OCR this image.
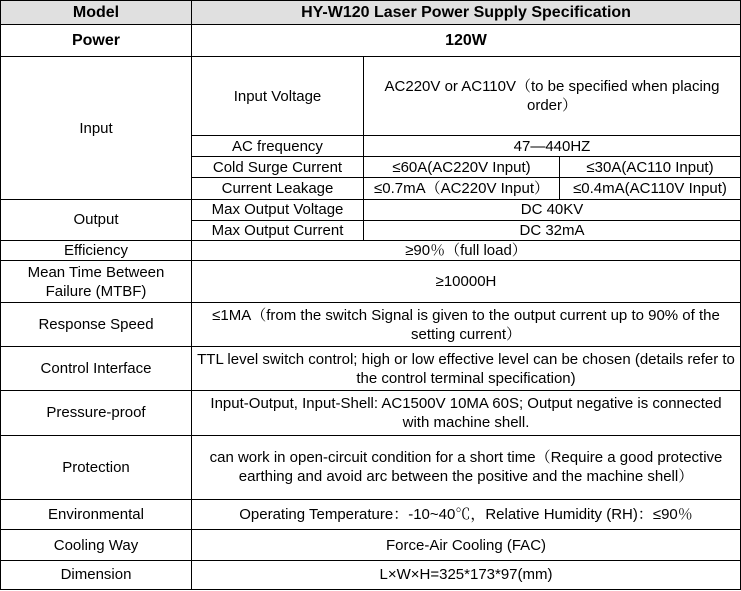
Model	HY-W120 Laser Power Supply Specification		
Power	120W		
Input	Input Voltage	AC220V or AC110V（to be specified when placing order）	
	AC frequency	47—440HZ	
	Cold Surge Current	≤60A(AC220V Input)	≤30A(AC110 Input)
	Current Leakage	≤0.7mA（AC220V Input）	≤0.4mA(AC110V Input)
Output	Max Output Voltage	DC 40KV	
	Max Output Current	DC 32mA	
Efficiency	≥90％（full load）		
Mean Time Between Failure (MTBF)	≥10000H		
Response Speed	≤1MA（from the switch Signal is given to the output current up to 90% of the setting current）		
Control Interface	TTL level switch control; high or low effective level can be chosen (details refer to the control terminal specification)		
Pressure-proof	Input-Output, Input-Shell: AC1500V 10MA 60S; Output negative is connected with machine shell.		
Protection	can work in open-circuit condition for a short time（Require a good protective earthing and avoid arc between the positive and the machine shell）		
Environmental	Operating Temperature：-10~40℃，Relative Humidity (RH)：≤90％		
Cooling Way	Force-Air Cooling (FAC)		
Dimension	L×W×H=325*173*97(mm)		
